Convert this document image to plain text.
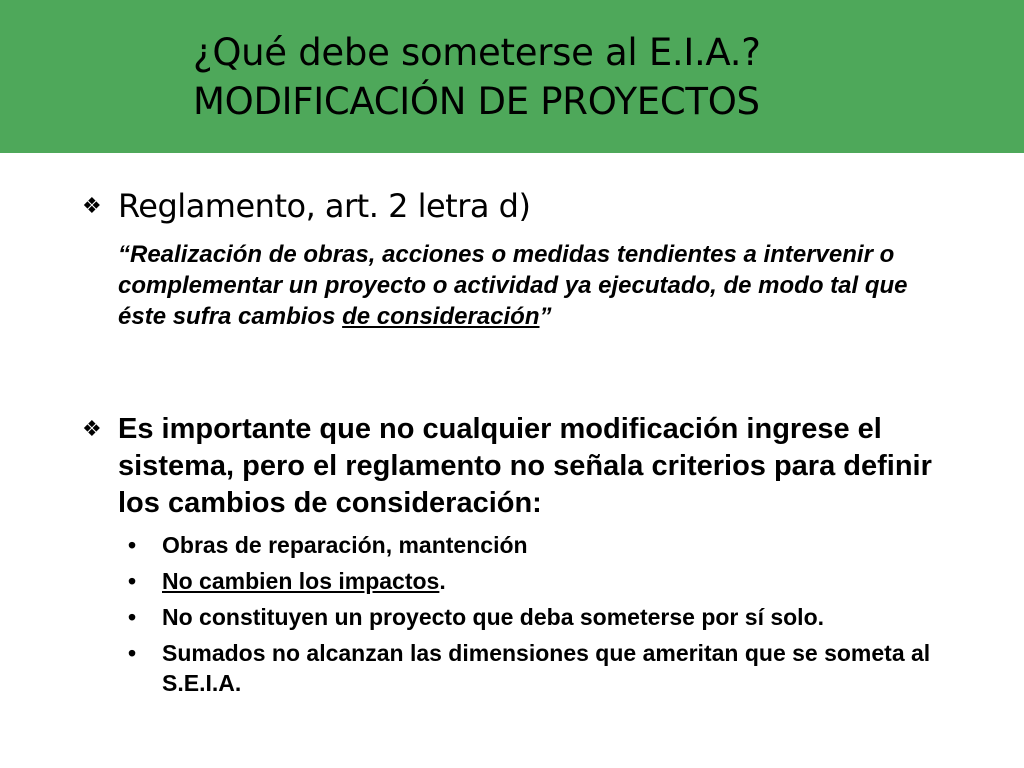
¿Qué debe someterse al E.I.A.?
MODIFICACIÓN DE PROYECTOS
❖ Reglamento, art. 2 letra d)

“Realización de obras, acciones o medidas tendientes a intervenir o complementar un proyecto o actividad ya ejecutado, de modo tal que éste sufra cambios de consideración”

❖ Es importante que no cualquier modificación ingrese el sistema, pero el reglamento no señala criterios para definir los cambios de consideración:

• Obras de reparación, mantención
• No cambien los impactos.
• No constituyen un proyecto que deba someterse por sí solo.
• Sumados no alcanzan las dimensiones que ameritan que se someta al S.E.I.A.
